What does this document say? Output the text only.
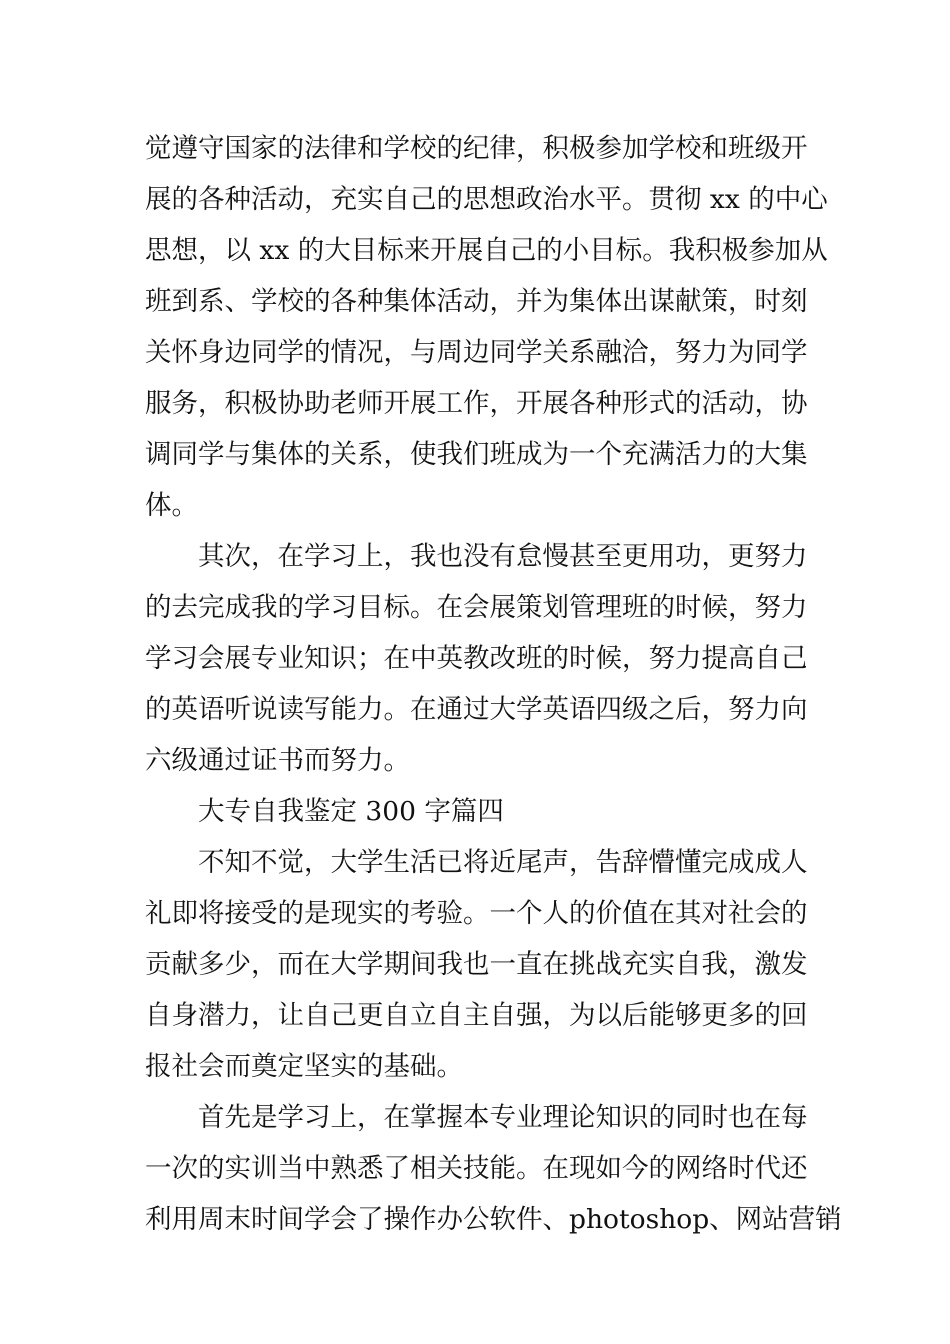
觉遵守国家的法律和学校的纪律，积极参加学校和班级开
展的各种活动，充实自己的思想政治水平。贯彻 xx 的中心
思想，以 xx 的大目标来开展自己的小目标。我积极参加从
班到系、学校的各种集体活动，并为集体出谋献策，时刻
关怀身边同学的情况，与周边同学关系融洽，努力为同学
服务，积极协助老师开展工作，开展各种形式的活动，协
调同学与集体的关系，使我们班成为一个充满活力的大集
体。
其次，在学习上，我也没有怠慢甚至更用功，更努力
的去完成我的学习目标。在会展策划管理班的时候，努力
学习会展专业知识；在中英教改班的时候，努力提高自己
的英语听说读写能力。在通过大学英语四级之后，努力向
六级通过证书而努力。
大专自我鉴定 300 字篇四
不知不觉，大学生活已将近尾声，告辞懵懂完成成人
礼即将接受的是现实的考验。一个人的价值在其对社会的
贡献多少，而在大学期间我也一直在挑战充实自我，激发
自身潜力，让自己更自立自主自强，为以后能够更多的回
报社会而奠定坚实的基础。
首先是学习上，在掌握本专业理论知识的同时也在每
一次的实训当中熟悉了相关技能。在现如今的网络时代还
利用周末时间学会了操作办公软件、photoshop、网站营销
